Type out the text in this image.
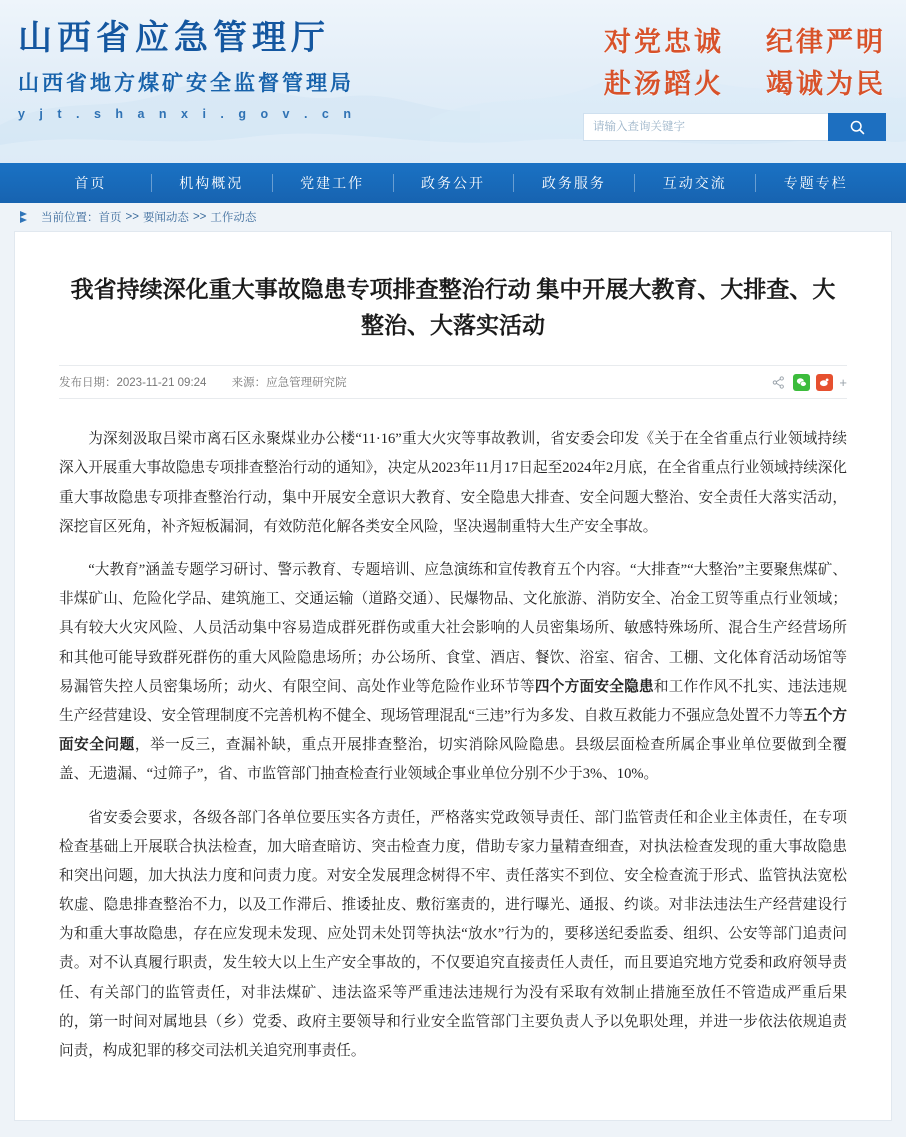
山西省应急管理厅
山西省地方煤矿安全监督管理局
y j t . s h a n x i . g o v . c n
对党忠诚 纪律严明
赴汤蹈火 竭诚为民
请输入查询关键字
首页	机构概况	党建工作	政务公开	政务服务	互动交流	专题专栏
当前位置： 首页 >> 要闻动态 >> 工作动态
我省持续深化重大事故隐患专项排查整治行动 集中开展大教育、大排查、大整治、大落实活动
发布日期：2023-11-21 09:24 来源：应急管理研究院	+

为深刻汲取吕梁市离石区永聚煤业办公楼“11·16”重大火灾等事故教训，省安委会印发《关于在全省重点行业领域持续深入开展重大事故隐患专项排查整治行动的通知》，决定从2023年11月17日起至2024年2月底，在全省重点行业领域持续深化重大事故隐患专项排查整治行动，集中开展安全意识大教育、安全隐患大排查、安全问题大整治、安全责任大落实活动，深挖盲区死角，补齐短板漏洞，有效防范化解各类安全风险，坚决遏制重特大生产安全事故。

“大教育”涵盖专题学习研讨、警示教育、专题培训、应急演练和宣传教育五个内容。“大排查”“大整治”主要聚焦煤矿、非煤矿山、危险化学品、建筑施工、交通运输（道路交通）、民爆物品、文化旅游、消防安全、冶金工贸等重点行业领域；具有较大火灾风险、人员活动集中容易造成群死群伤或重大社会影响的人员密集场所、敏感特殊场所、混合生产经营场所和其他可能导致群死群伤的重大风险隐患场所；办公场所、食堂、酒店、餐饮、浴室、宿舍、工棚、文化体育活动场馆等易漏管失控人员密集场所；动火、有限空间、高处作业等危险作业环节等四个方面安全隐患和工作作风不扎实、违法违规生产经营建设、安全管理制度不完善机构不健全、现场管理混乱“三违”行为多发、自救互救能力不强应急处置不力等五个方面安全问题，举一反三，查漏补缺，重点开展排查整治，切实消除风险隐患。县级层面检查所属企事业单位要做到全覆盖、无遗漏、“过筛子”，省、市监管部门抽查检查行业领域企事业单位分别不少于3%、10%。

省安委会要求，各级各部门各单位要压实各方责任，严格落实党政领导责任、部门监管责任和企业主体责任，在专项检查基础上开展联合执法检查，加大暗查暗访、突击检查力度，借助专家力量精查细查，对执法检查发现的重大事故隐患和突出问题，加大执法力度和问责力度。对安全发展理念树得不牢、责任落实不到位、安全检查流于形式、监管执法宽松软虚、隐患排查整治不力，以及工作滞后、推诿扯皮、敷衍塞责的，进行曝光、通报、约谈。对非法违法生产经营建设行为和重大事故隐患，存在应发现未发现、应处罚未处罚等执法“放水”行为的，要移送纪委监委、组织、公安等部门追责问责。对不认真履行职责，发生较大以上生产安全事故的，不仅要追究直接责任人责任，而且要追究地方党委和政府领导责任、有关部门的监管责任，对非法煤矿、违法盗采等严重违法违规行为没有采取有效制止措施至放任不管造成严重后果的，第一时间对属地县（乡）党委、政府主要领导和行业安全监管部门主要负责人予以免职处理，并进一步依法依规追责问责，构成犯罪的移交司法机关追究刑事责任。
